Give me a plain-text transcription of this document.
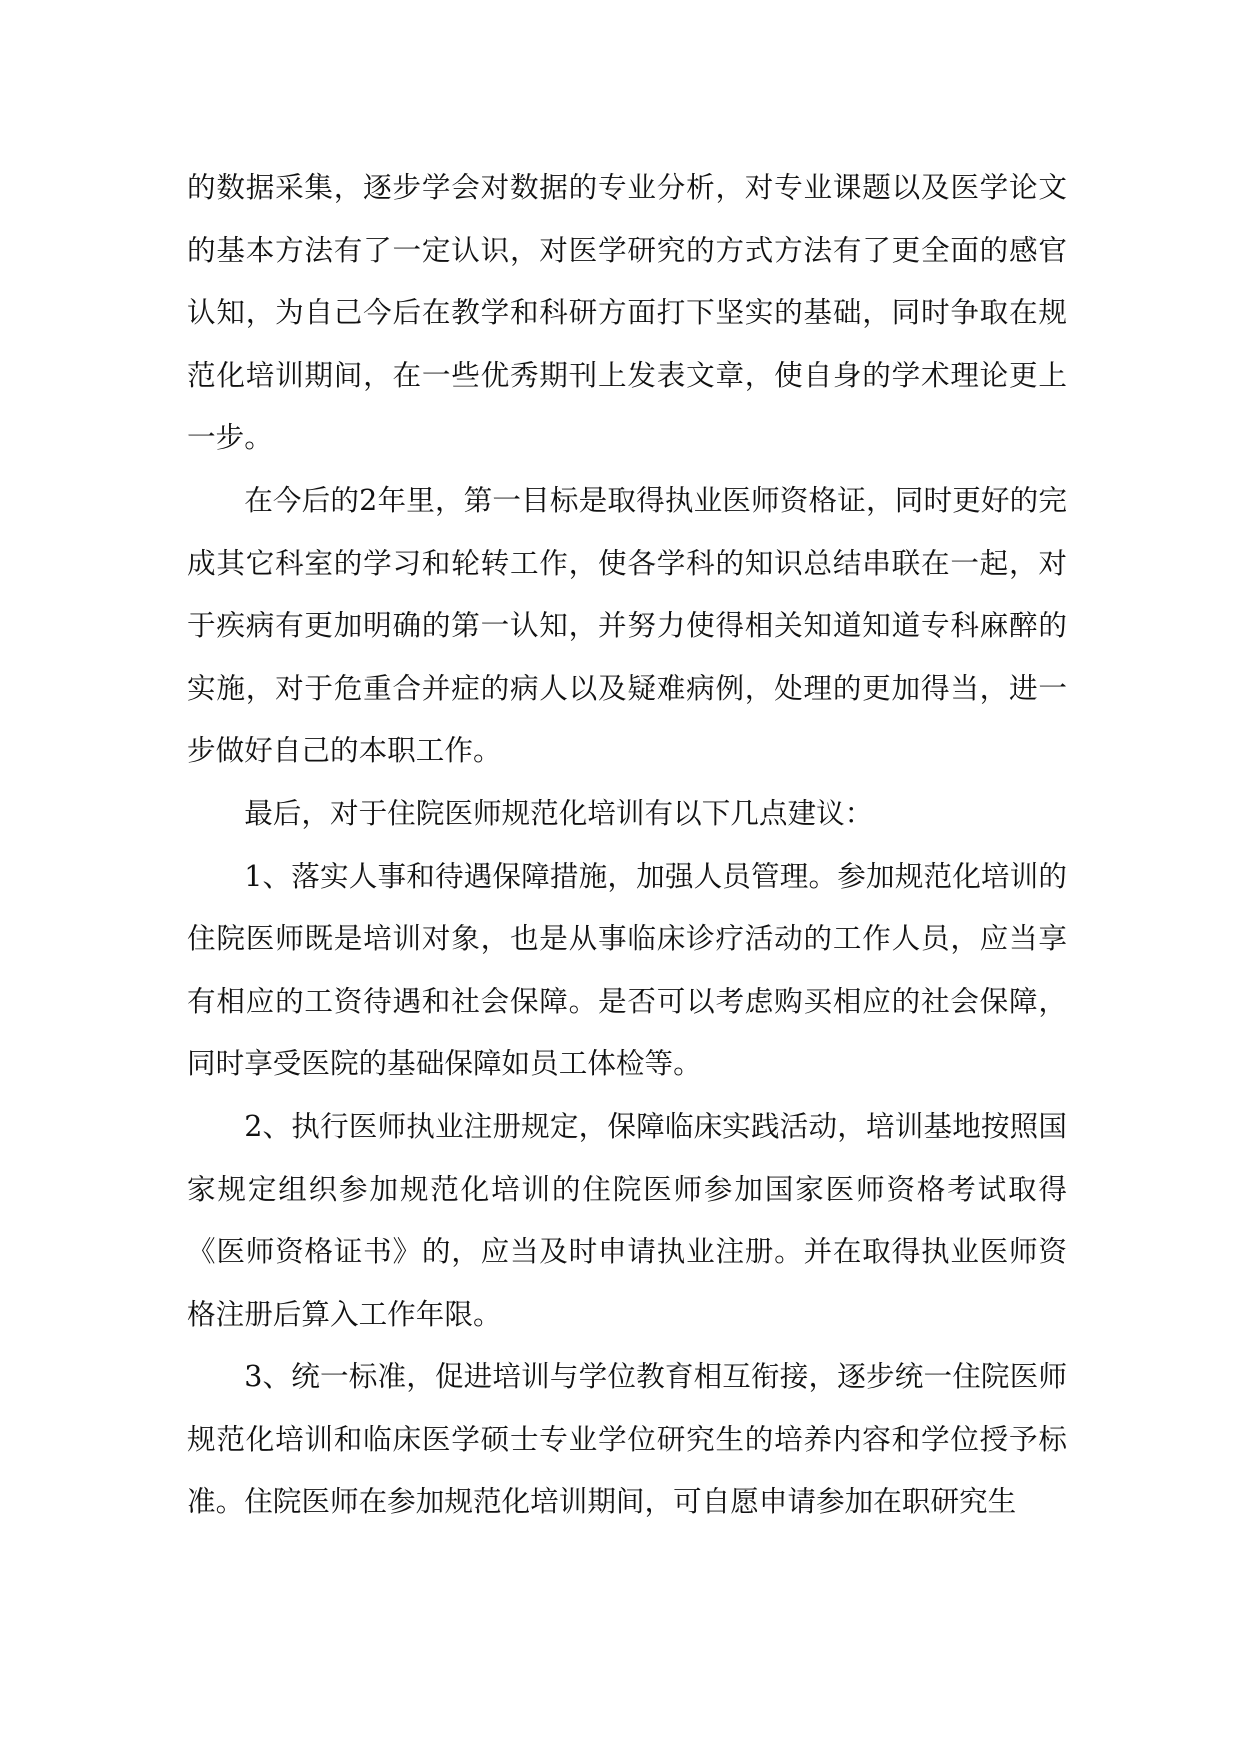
的数据采集，逐步学会对数据的专业分析，对专业课题以及医学论文的基本方法有了一定认识，对医学研究的方式方法有了更全面的感官认知，为自己今后在教学和科研方面打下坚实的基础，同时争取在规范化培训期间，在一些优秀期刊上发表文章，使自身的学术理论更上一步。

在今后的2年里，第一目标是取得执业医师资格证，同时更好的完成其它科室的学习和轮转工作，使各学科的知识总结串联在一起，对于疾病有更加明确的第一认知，并努力使得相关知道知道专科麻醉的实施，对于危重合并症的病人以及疑难病例，处理的更加得当，进一步做好自己的本职工作。

最后，对于住院医师规范化培训有以下几点建议：

1、落实人事和待遇保障措施，加强人员管理。参加规范化培训的住院医师既是培训对象，也是从事临床诊疗活动的工作人员，应当享有相应的工资待遇和社会保障。是否可以考虑购买相应的社会保障，同时享受医院的基础保障如员工体检等。

2、执行医师执业注册规定，保障临床实践活动，培训基地按照国家规定组织参加规范化培训的住院医师参加国家医师资格考试取得《医师资格证书》的，应当及时申请执业注册。并在取得执业医师资格注册后算入工作年限。

3、统一标准，促进培训与学位教育相互衔接，逐步统一住院医师规范化培训和临床医学硕士专业学位研究生的培养内容和学位授予标准。住院医师在参加规范化培训期间，可自愿申请参加在职研究生
